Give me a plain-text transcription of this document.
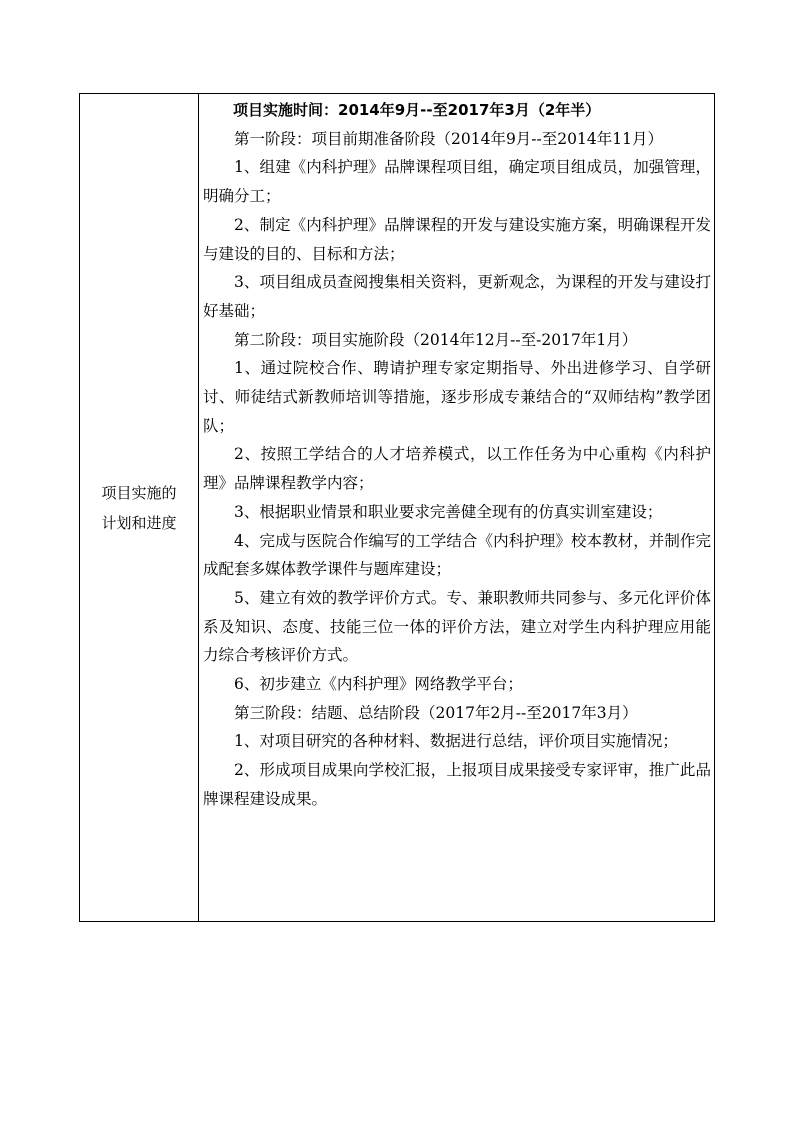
项目实施的
计划和进度

项目实施时间：2014年9月--至2017年3月（2年半）

第一阶段：项目前期准备阶段（2014年9月--至2014年11月）

1、组建《内科护理》品牌课程项目组，确定项目组成员，加强管理，明确分工；

2、制定《内科护理》品牌课程的开发与建设实施方案，明确课程开发与建设的目的、目标和方法；

3、项目组成员查阅搜集相关资料，更新观念，为课程的开发与建设打好基础；

第二阶段：项目实施阶段（2014年12月--至-2017年1月）

1、通过院校合作、聘请护理专家定期指导、外出进修学习、自学研讨、师徒结式新教师培训等措施，逐步形成专兼结合的“双师结构”教学团队；

2、按照工学结合的人才培养模式，以工作任务为中心重构《内科护理》品牌课程教学内容；

3、根据职业情景和职业要求完善健全现有的仿真实训室建设；

4、完成与医院合作编写的工学结合《内科护理》校本教材，并制作完成配套多媒体教学课件与题库建设；

5、建立有效的教学评价方式。专、兼职教师共同参与、多元化评价体系及知识、态度、技能三位一体的评价方法，建立对学生内科护理应用能力综合考核评价方式。

6、初步建立《内科护理》网络教学平台；

第三阶段：结题、总结阶段（2017年2月--至2017年3月）

1、对项目研究的各种材料、数据进行总结，评价项目实施情况；

2、形成项目成果向学校汇报，上报项目成果接受专家评审，推广此品牌课程建设成果。
